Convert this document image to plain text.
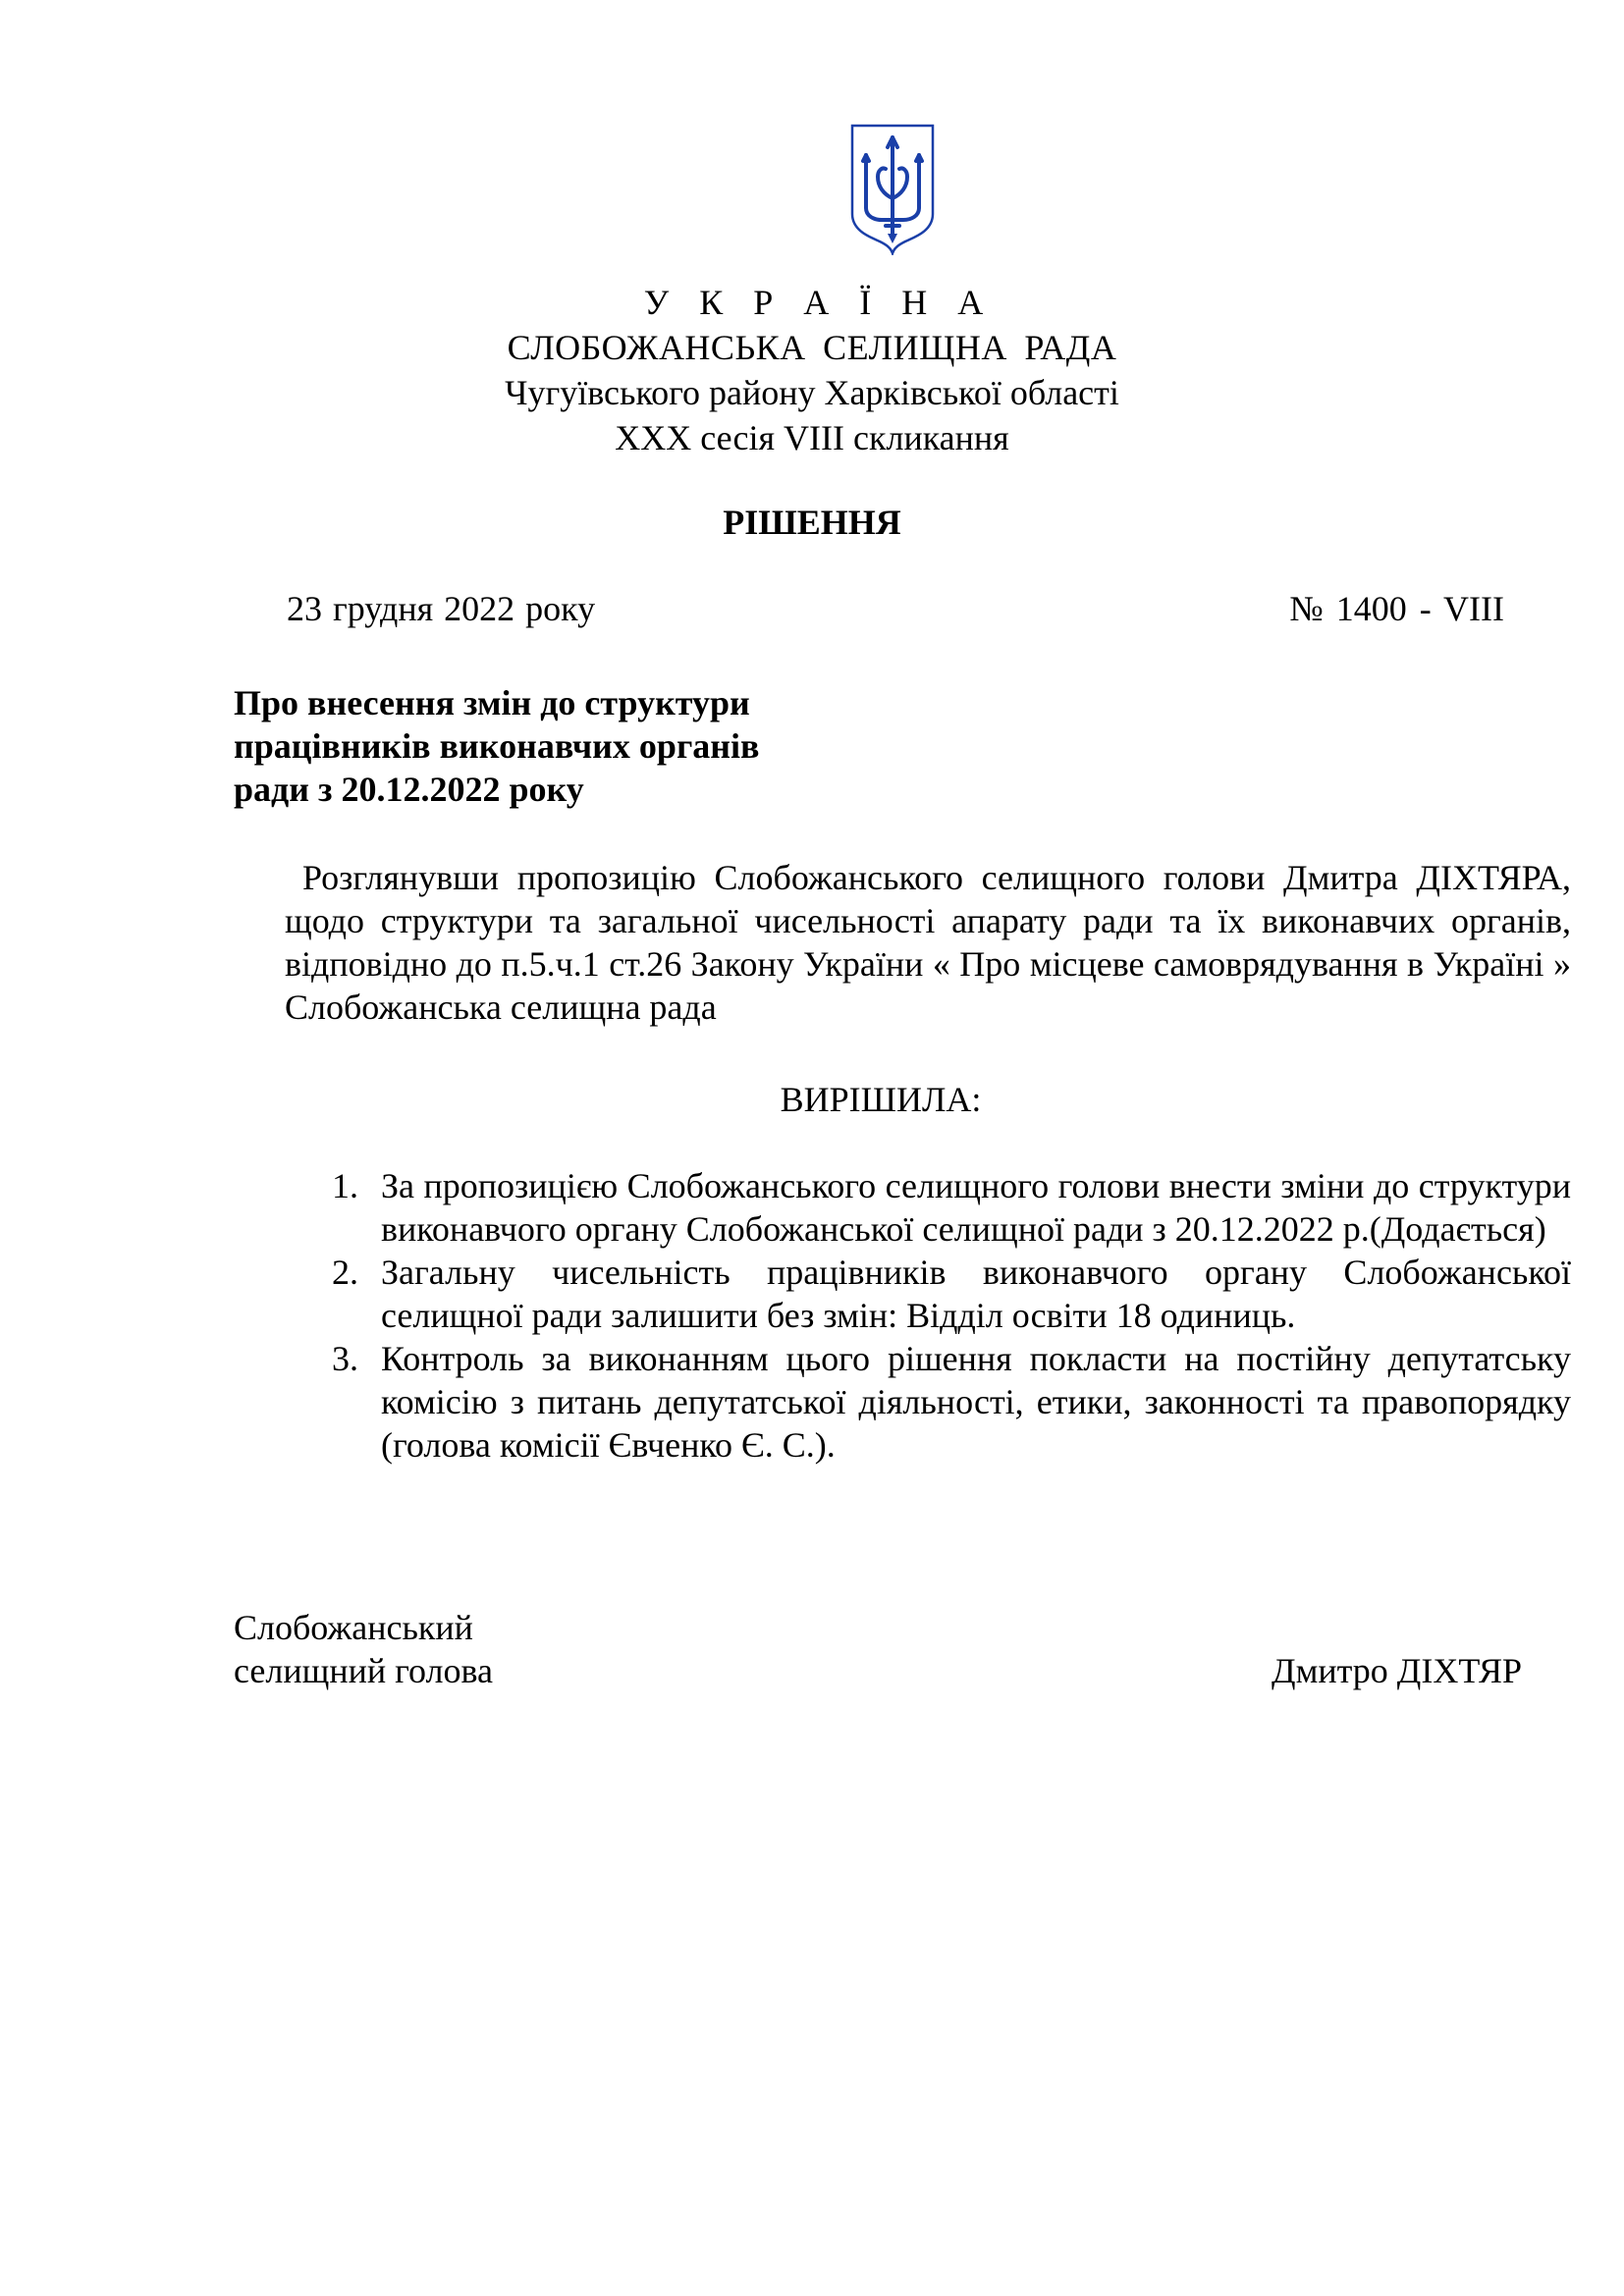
У К Р А Ї Н А
СЛОБОЖАНСЬКА СЕЛИЩНА РАДА
Чугуївського району Харківської області
ХХХ сесія VIII скликання
РІШЕННЯ
23 грудня 2022 року	№ 1400 - VIII
Про внесення змін до структури
працівників виконавчих органів
ради з 20.12.2022 року
Розглянувши пропозицію Слобожанського селищного голови Дмитра ДІХТЯРА, щодо структури та загальної чисельності апарату ради та їх виконавчих органів, відповідно до п.5.ч.1 ст.26 Закону України « Про місцеве самоврядування в Україні » Слобожанська селищна рада
ВИРІШИЛА:
1. За пропозицією Слобожанського селищного голови внести зміни до структури виконавчого органу Слобожанської селищної ради з 20.12.2022 р.(Додається)
2. Загальну чисельність працівників виконавчого органу Слобожанської селищної ради залишити без змін: Відділ освіти 18 одиниць.
3. Контроль за виконанням цього рішення покласти на постійну депутатську комісію з питань депутатської діяльності, етики, законності та правопорядку (голова комісії Євченко Є. С.).
Слобожанський
селищний голова	Дмитро ДІХТЯР
